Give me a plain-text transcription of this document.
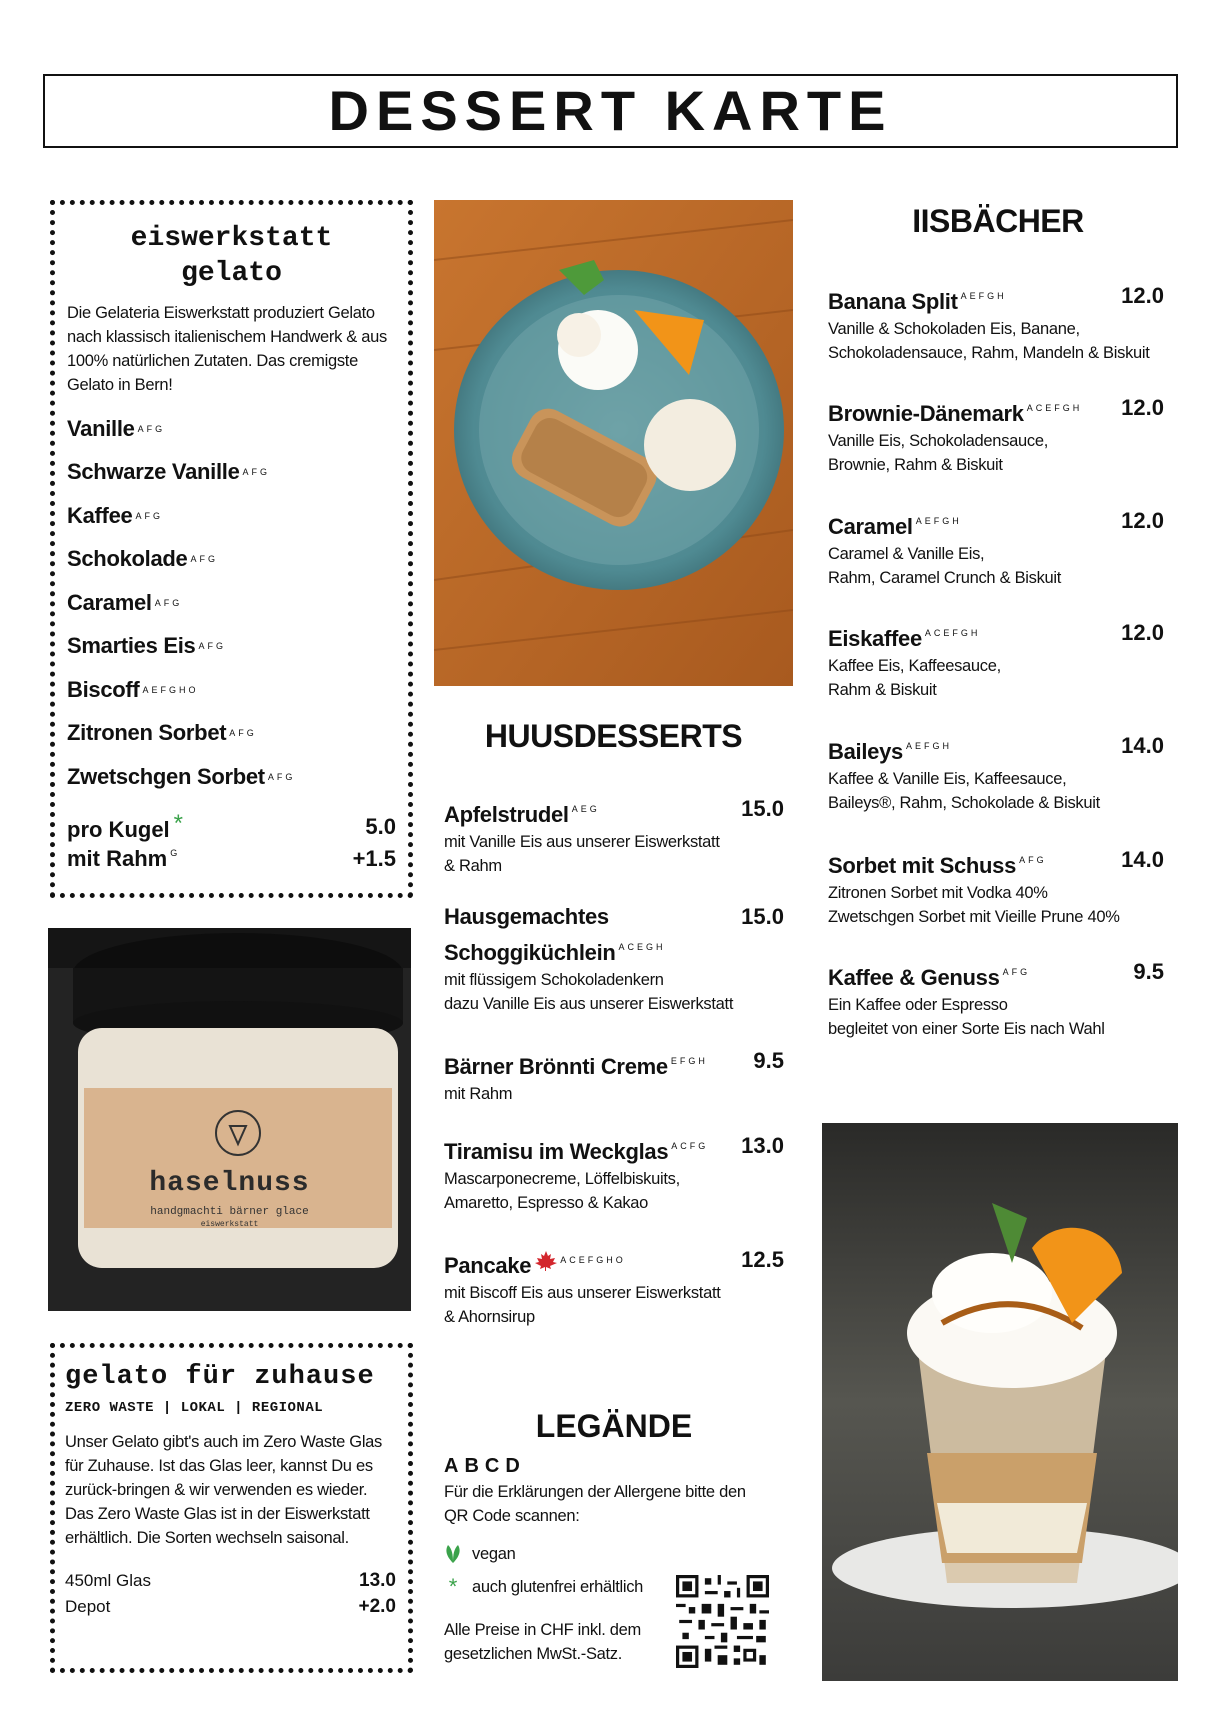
DESSERT KARTE
eiswerkstatt
gelato

Die Gelateria Eiswerkstatt produziert Gelato nach klassisch italienischem Handwerk & aus 100% natürlichen Zutaten. Das cremigste Gelato in Bern!

Vanille AFG
Schwarze Vanille AFG
Kaffee AFG
Schokolade AFG
Caramel AFG
Smarties Eis AFG
Biscoff AEFGHO
Zitronen Sorbet AFG
Zwetschgen Sorbet AFG
pro Kugel *	5.0
mit Rahm $^G$	+1.5
IISBÄCHER
Banana Split $^{AEFGH}$	12.0
Vanille & Schokoladen Eis, Banane,
Schokoladensauce, Rahm, Mandeln & Biskuit
Brownie-Dänemark $^{ACEFGH}$ 12.0
Vanille Eis, Schokoladensauce,
Brownie, Rahm & Biskuit
Caramel $^{AEFGH}$	12.0
Caramel & Vanille Eis,
Rahm, Caramel Crunch & Biskuit
Eiskaffee $^{ACEFGH}$	12.0
Kaffee Eis, Kaffeesauce,
Rahm & Biskuit
Baileys $^{AEFGH}$	14.0
Kaffee & Vanille Eis, Kaffeesauce,
Baileys®, Rahm, Schokolade & Biskuit
Sorbet mit Schuss $^{AFG}$	14.0
Zitronen Sorbet mit Vodka 40%
Zwetschgen Sorbet mit Vieille Prune 40%
Kaffee & Genuss $^{AFG}$	9.5
Ein Kaffee oder Espresso
begleitet von einer Sorte Eis nach Wahl
HUUSDESSERTS
Apfelstrudel $^{AEG}$	15.0
mit Vanille Eis aus unserer Eiswerkstatt
& Rahm
Hausgemachtes
Schoggiküchlein $^{ACEGH}$
15.0
mit flüssigem Schokoladenkern
dazu Vanille Eis aus unserer Eiswerkstatt
Bärner Brönnti Creme $^{EFGH}$ 9.5
mit Rahm
Tiramisu im Weckglas $^{ACFG}$ 13.0
Mascarponecreme, Löffelbiskuits,
Amaretto, Espresso & Kakao
Pancake	$^{ACEFGHO}$	12.5
mit Biscoff Eis aus unserer Eiswerkstatt
& Ahornsirup
haselnuss
handgmachti bärner glace
eiswerkstatt
gelato für zuhause
ZERO WASTE | LOKAL | REGIONAL

Unser Gelato gibt's auch im Zero Waste Glas für Zuhause. Ist das Glas leer, kannst Du es zurück-bringen & wir verwenden es wieder. Das Zero Waste Glas ist in der Eiswerkstatt erhältlich. Die Sorten wechseln saisonal.

450ml Glas	13.0
Depot	+2.0
LEGÄNDE
ABCD

Für die Erklärungen der Allergene bitte den QR Code scannen:

vegan
* auch glutenfrei erhältlich

Alle Preise in CHF inkl. dem gesetzlichen MwSt.-Satz.
